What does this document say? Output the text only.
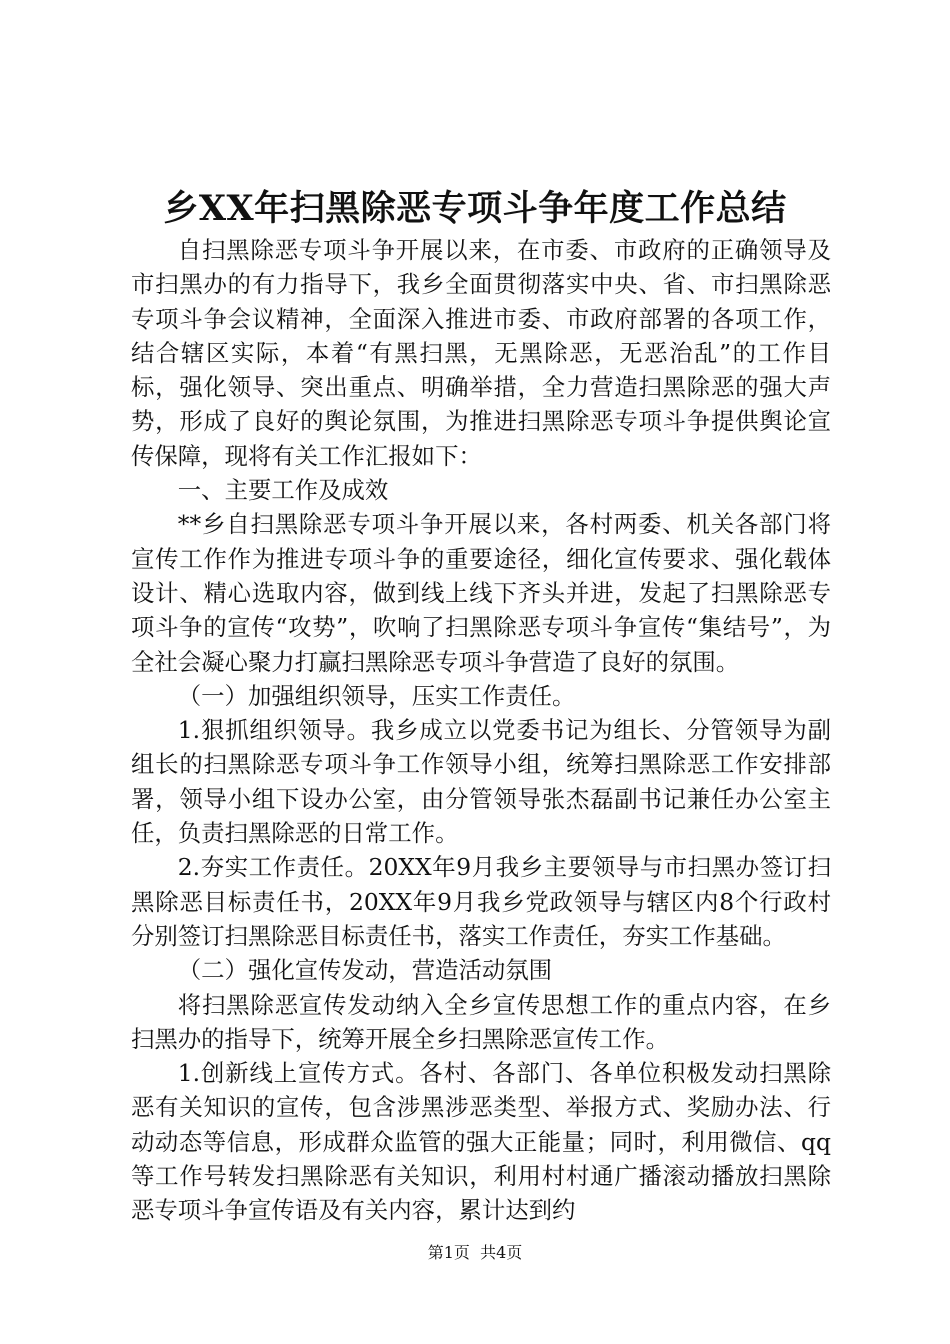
乡XX年扫黑除恶专项斗争年度工作总结

自扫黑除恶专项斗争开展以来，在市委、市政府的正确领导及市扫黑办的有力指导下，我乡全面贯彻落实中央、省、市扫黑除恶专项斗争会议精神，全面深入推进市委、市政府部署的各项工作，结合辖区实际，本着“有黑扫黑，无黑除恶，无恶治乱”的工作目标，强化领导、突出重点、明确举措，全力营造扫黑除恶的强大声势，形成了良好的舆论氛围，为推进扫黑除恶专项斗争提供舆论宣传保障，现将有关工作汇报如下：

一、主要工作及成效

**乡自扫黑除恶专项斗争开展以来，各村两委、机关各部门将宣传工作作为推进专项斗争的重要途径，细化宣传要求、强化载体设计、精心选取内容，做到线上线下齐头并进，发起了扫黑除恶专项斗争的宣传“攻势”，吹响了扫黑除恶专项斗争宣传“集结号”，为全社会凝心聚力打赢扫黑除恶专项斗争营造了良好的氛围。

（一）加强组织领导，压实工作责任。

1.狠抓组织领导。我乡成立以党委书记为组长、分管领导为副组长的扫黑除恶专项斗争工作领导小组，统筹扫黑除恶工作安排部署，领导小组下设办公室，由分管领导张杰磊副书记兼任办公室主任，负责扫黑除恶的日常工作。

2.夯实工作责任。20XX年9月我乡主要领导与市扫黑办签订扫黑除恶目标责任书，20XX年9月我乡党政领导与辖区内8个行政村分别签订扫黑除恶目标责任书，落实工作责任，夯实工作基础。

（二）强化宣传发动，营造活动氛围

将扫黑除恶宣传发动纳入全乡宣传思想工作的重点内容，在乡扫黑办的指导下，统筹开展全乡扫黑除恶宣传工作。

1.创新线上宣传方式。各村、各部门、各单位积极发动扫黑除恶有关知识的宣传，包含涉黑涉恶类型、举报方式、奖励办法、行动动态等信息，形成群众监管的强大正能量；同时，利用微信、qq等工作号转发扫黑除恶有关知识，利用村村通广播滚动播放扫黑除恶专项斗争宣传语及有关内容，累计达到约

第1页 共4页
